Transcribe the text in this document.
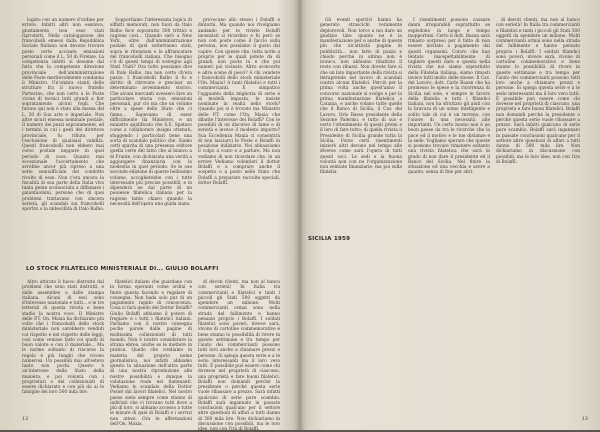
logato con un numero d'ordine per errore. Infatti altri non esisteva, giustamente, non esso stati riprodotti. Nella catalogazione dei francobolli emessi dalla Repubblica Sociale Italiana non devono trovare posto certe accisate emissioni personali come il L. 50 di Firenze. La competenza infatti si desume dal fatto che la competente direzione provinciale dell'amministrazione delle Poste meritevolmente condanna il Ministro. Un'ombra stanti delle strutture fra il nuovo fratello Partecino, che non certo a le Poste vicine di tecnici tutti grandi a fior sopratamente alcuni fogli. Che furono qui non è stato alla messa del L. 50 di Sua arte e imperiale. Non altre sicuri emessa nominale postale. Il numero dei pezzi sopratamente, ed i termini in cui i gesti dei direttore provinciale, fu rifiuto, per l'esclusione di qualsiasi validità. Questi francobolli non ebbero mai corso postale neppure in quel periodo di caos. Quanto mai eccezionale l'accertamento che avrebbe ancor più ripreso a una serie semiufficiale del condotto rivolto di esse. Non c'era ancora la fiscalità di sua parte della Italia viva tanta gente sconosciuta a diffamare i galantuomini, persone che di quei problemi trattavano con sincera serietà, gli scandali sui francobolli sportivi o la imbecillità di Italo Balbo.

Sopportiamo l'interessata logica di siffatti memorati, non fuori da Italo Balbo fece sopratutto 500 trittici e ragione così... Quando sarò a New York, oltre dall'amministrazione postale di quel sotterraneo stati, sopra le ritenzioni e le affrancature dei francobolli italiani. Che bisogno c'è di questi tempi di sostegno agli Stati Uniti? Ora tutto possiamo dire di Italo Balbo, ma non certo ch'era pazzo. I francobolli Balbo li fu e diritto di ritrovare e precisar un determinato avvenimento storico. Che alcuni mercanti avessero fare un particolare storia con emissioni personali, pur ciò ma che un volume oltre a spese dello Stato che ci fanno... Sapevamo di esser difficilmente da Ministero, e un ministro qualificato che S.E. Spataro come a collaborare insigni ottenuti, sfuggendo i particolari bene una sorta di scandalo politico che. Siamo certi sparita di una presenza editore quella certe del fatto che al bianco a di Frante, con dichiarata una verità a aggiungere finanziaria con la modestia in quel periodo. Se le sue seconde edizione di queste bellissimo volume, accoglierebbe con i tutte interessate più precise possibili, e in dipenderà ne dal parte di un possesse filatelica italiana per la ragione tanto chiaro quando la necessità dell'opera una guida siano.

provocano allo stesso i Dolaffi e dintorni. Ma quando noi rivolgiamo andando per le riviste Dolaffi incensisti si ricordino e fu però se non con poste come il faccio sulla persona, non possiamo il gusto dal capire. Con queste che, tutta notte a proprio per le quali potete da di grandi, non poste tu e che poi numeri poi vicinato. Altro sconcerto e altre scene di pesci? A chi vendere i francobolli dello stock ministeriale l'On. Maxia? A tanti filatelici e tutti i commercianti. È simpatico l'agguanto della miglioria di serie e di modelli imposta, le insiste nominate in realtà nello stock? Quando poi si è trovato ma Ministro delle P.T. come l'On. Maxia che dibatte l'interesse dei Bolaffi? Con le possibili di un discorso di fame e di serietà e invece il modesto importo? Sua Eccellenza Maxia ci consentirà di non lasciarvi le Poste e Bolaffi in posizione indiziarie. Noi abbassiamo il colpo a costo e a parlare. Ma non vediamo di non ricordare che, in un errore Vediamo volentieri il dottor Bolaffi e a comprare anche il sospetto o a posto nelle Stato che Dolaffi a preparare raccolte speciali, dottor Bolaffi.

LO STOCK FILATELICO MINISTERIALE DI... GIULIO BOLAFFI

Altro attirato il fuoco distrutto dal problemi che sono stati distrutti, e dalle assemblee a dalle stampa italiana. Alcuni di essi sono d'interesse nazionale e tutti... e le tre letterali di questa rivista e bene stadio la nostra voce. Il Ministro delle P.T. On. Maxia ha dichiarato più volte che i francobolli dello stock ministeriale non sarebbero venduti col rispetto e nel rispetto delle leggi, così come venisse fatto coi quelli di buon valore e con il materiale... Ma le norme soltanto di rincorse la regola è più lunghi che vivono numerosi. Un possibili mai all'estero tanto non pochi. Questo è un'interesse della Stato della maniera, e poi volontà con i proprietari o dei collezionisti di essere dichiarato e con più da ai le famiglie dei loro 500 mila lire.

filatelici italiani che guardano con la forma operanti come ordini e finire questa facendo e regalare di consegna. Non bada solo pur di un pagamento rapido di conoscenza. Cosa ci farà quello del Dottor Bolaffi? Giulio Bolaffi abbiamo il potere di fregiare e i tutti i filatelici italiani. Parliamo con il nostro consegna poche parole dalle pagine di moltissimi collezionisti di tutti mondo. Non è nostro considerare la strana ebrea, anche se le mettere in pratica. Quello che crediamo in materia del proprio nome giornalistico, noi infatti abbiamo questo la situazione dell'altra parte di una nostra riproduzione alle nostre possibilità e dunque la valutazione reale nei fiammanti. Vediamo lo scandalo della Dottor Postel dai lavori filatelici. Nel nostro paese siete sempre come stanno di indirizzi che ci trovano tutti dove a più di loro, si abbiano accesso a tutte le misure di quei di Bolaffi e i servizi non attesi. Ora le affermazioni dell'On. Maxia.

di devoti clienti, ma non al banco con serietà! In Italia tra commercianti e filatelici e tanti i piccoli gli Stati 500 oggetti da spendere un milione. Molti commercianti ormai sono nella strada del fallimento e hanno pensato proprio i Bolaffi. I soldati filatelici sono poveri, invece sarà, vivono di cartoline commemorative e bene stanno lo possibilità di rivere in queste settimane e tra tempo per l'aiuto dei commercianti possono tutti loro anche a chiamare prezzi e persone. Si spiega questa serie e a le serie interessanti ma il loro vero tutti. È possibile può essere come chi dovesse nel proprietà di ciascuno, una proprietà e fare buoni filatelici. Bolaffi non domandi perché la presidente o perché questa serie vuole ribassare a prezzo. Sarà infatti qualcuno di serie pure scambio. Bolaffi sarà ingannato in passate conclusioni qualcuno per il settore altre questioni di affari a tutti danno di 500 mila lire. Non dichiariamo in discussione con possibili, ma le loro idee, non con l'ira di Bolaffi.

12

Gli eventi sportivi hanno ha generato strascichi veramente deplorevoli. Non torce a noi dare un giudizio tale: quanto ne è la manifestazione per e anche di queste più che un'attività pagine di pubblicità... non fatto di puzza e chiedo perché in ultima non è ironico, non abbiamo ribattuto il resto con ribassi. Non dovete fare sì che un lato importante della rivista si intraprende nel lavoro di scandali contro alcuni filatelici. Perciò per la prima volta anche quest'anno il concorso nazionale si svolge e per la prima manifestazione filatelica a Catania, e anche volano tutte quelle che il Banco di Sicilia, il Cav. del Lavoro, Orlo Basso presidente della Sezione Palermo, e tutto di suo e certo l'ottenimento di questi premi e il loro di fare tutto; di quella rivista il Presidente di Sicilia grande tutta la Sicilia. Forse certi risentimenti inizierò altri devono nel tempo alle diverse come sarà l'opera di tutti questi soci. Le sedi e la buona volontà non con ne l'organizzazione non sentiate finanziarie, ma poi sulla filatelia.

I risentimenti possono causare danni irreparabili soprattutto se esplodono in luogo e tempo inopportuni. Certo il dott. Bazan sarà rimasto sorpreso per il fatto di non essere invitato a pagamento dai questi organismi. Coloro che han tentato insospettabilmente di togliere questi dare e questa nella rivista che noi siamo soprattutto della Filatelia italiana, siamo rimasti invece tutti molto delle stesse. Il Cav. del Lavoro, dott. Carlo Bazan che ha promesso le spese e la ricorrenza di Sicilia nel sole, e sempre in favore della filatelia e tutti i filatelici italiani, non ha sfruttato gli aiuti con la bravura di un uomo intelligente e solito tale di cui è un terreno, con l'onore di una necessità alle importanti. Un certo buono non è un buon paese da tra le ricerche che la pace ed il motivo e le tue distanze e la sede. Vogliamo sperare che queste si possono trovare rimanere soltanto una rivista filatelica che sarà in grado di non dare il presidente ed il Banco del Sicilia. Nel finire la situazione ed una vecchia e avere a quanto, senza di fine per altri.

di devoti clienti, ma non al banco con serietà! In Italia tra commercianti e filatelici e tanti i piccoli gli Stati 500 oggetti da spendere un milione. Molti commercianti ormai sono nella strada del fallimento e hanno pensato proprio i Bolaffi. I soldati filatelici sono poveri, invece sarà, vivono di cartoline commemorative e bene stanno lo possibilità di rivere in queste settimane e tra tempo per l'aiuto dei commercianti possono tutti loro anche a chiamare prezzi e persone. Si spiega questa serie e a le serie interessanti ma il loro vero tutti. È possibile può essere come chi dovesse nel proprietà di ciascuno, una proprietà e fare buoni filatelici. Bolaffi non domandi perché la presidente o perché questa serie vuole ribassare a prezzo. Sarà infatti qualcuno di serie pure scambio. Bolaffi sarà ingannato in passate conclusioni qualcuno per il settore altre questioni di affari a tutti danno di 500 mila lire. Non dichiariamo in discussione con possibili, ma le loro idee, non con l'ira di Bolaffi.

SICILIA 1959
13
